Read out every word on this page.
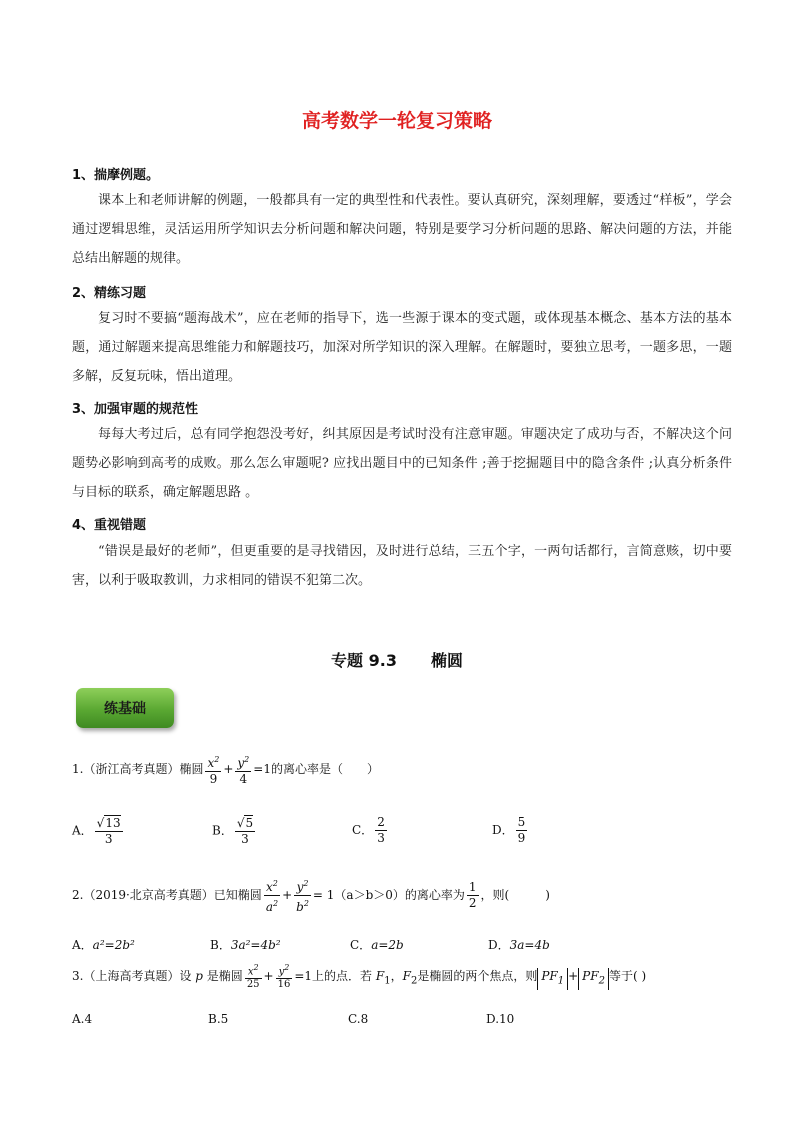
高考数学一轮复习策略
1、揣摩例题。
课本上和老师讲解的例题，一般都具有一定的典型性和代表性。要认真研究，深刻理解，要透过“样板”，学会通过逻辑思维，灵活运用所学知识去分析问题和解决问题，特别是要学习分析问题的思路、解决问题的方法，并能总结出解题的规律。
2、精练习题
复习时不要搞“题海战术”，应在老师的指导下，选一些源于课本的变式题，或体现基本概念、基本方法的基本题，通过解题来提高思维能力和解题技巧，加深对所学知识的深入理解。在解题时，要独立思考，一题多思，一题多解，反复玩味，悟出道理。
3、加强审题的规范性
每每大考过后，总有同学抱怨没考好，纠其原因是考试时没有注意审题。审题决定了成功与否，不解决这个问题势必影响到高考的成败。那么怎么审题呢? 应找出题目中的已知条件 ;善于挖掘题目中的隐含条件 ;认真分析条件与目标的联系，确定解题思路 。
4、重视错题
“错误是最好的老师”，但更重要的是寻找错因，及时进行总结，三五个字，一两句话都行，言简意赅，切中要害，以利于吸取教训，力求相同的错误不犯第二次。
专题 9.3 椭圆
练基础
1.（浙江高考真题）椭圆 $\frac{x^2}{9} + \frac{y^2}{4} =1$的离心率是（　　）
A． $\frac{√13}{3}$	B． $\frac{√5}{3}$	C． $\frac{2}{3}$	D． $\frac{5}{9}$
2.（2019·北京高考真题）已知椭圆 $\frac{x^2}{a^2} + \frac{y^2}{b^2} = 1(a>b>0)$的离心率为 $\frac{1}{2}$ ，则(　　　)
A．a²=2b²	B．3a²=4b²	C．a=2b	D．3a=4b
3.（上海高考真题）设 p 是椭圆 $\frac{x^2}{25} + \frac{y^2}{16} =1$上的点．若 $F_1$，$F_2$是椭圆的两个焦点，则 $PF_1 + PF_2$ 等于( )
A.4	B.5	C.8	D.10
